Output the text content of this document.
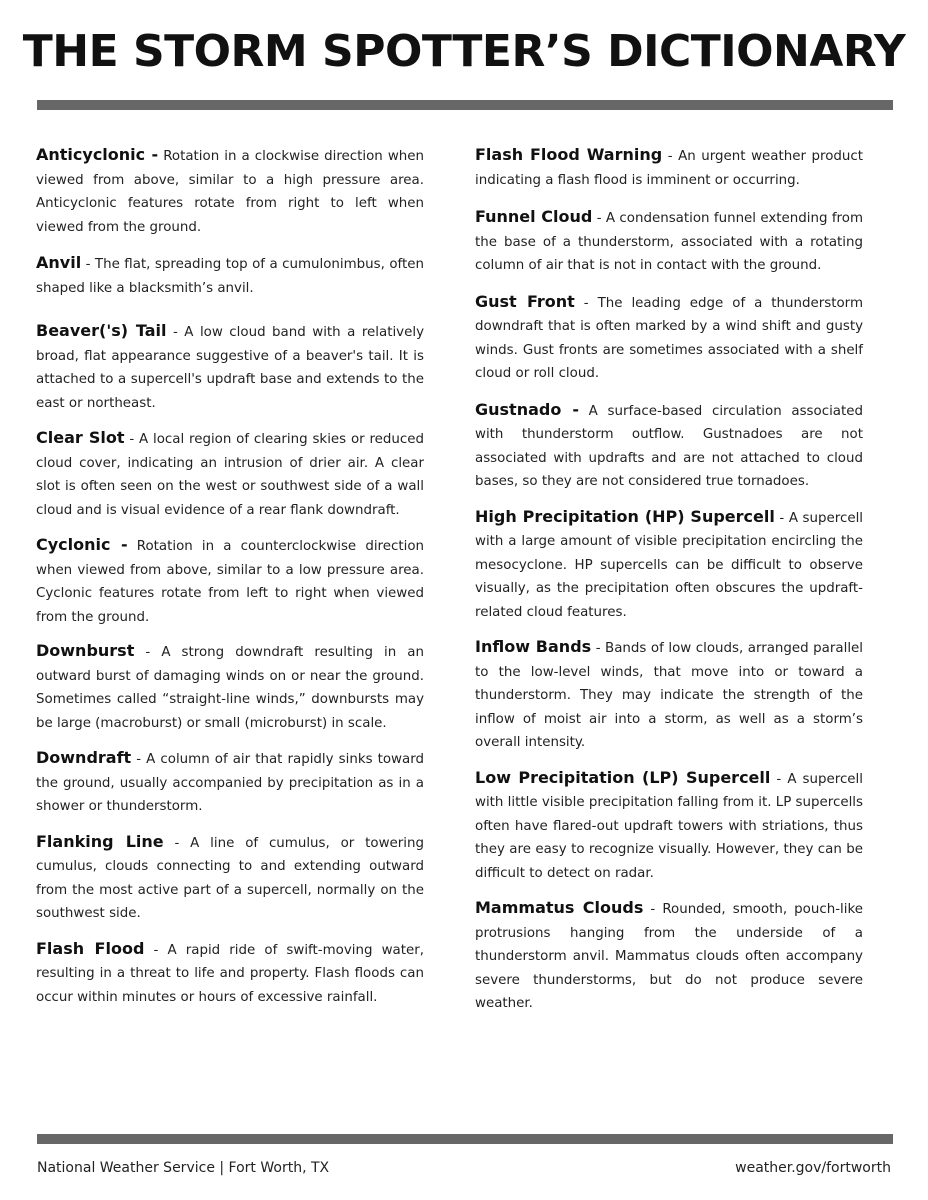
THE STORM SPOTTER’S DICTIONARY

Anticyclonic - Rotation in a clockwise direction when viewed from above, similar to a high pressure area. Anticyclonic features rotate from right to left when viewed from the ground.

Anvil - The flat, spreading top of a cumulonimbus, often shaped like a blacksmith’s anvil.

Beaver('s) Tail - A low cloud band with a relatively broad, flat appearance suggestive of a beaver's tail. It is attached to a supercell's updraft base and extends to the east or northeast.

Clear Slot - A local region of clearing skies or reduced cloud cover, indicating an intrusion of drier air. A clear slot is often seen on the west or southwest side of a wall cloud and is visual evidence of a rear flank downdraft.

Cyclonic - Rotation in a counterclockwise direction when viewed from above, similar to a low pressure area. Cyclonic features rotate from left to right when viewed from the ground.

Downburst - A strong downdraft resulting in an outward burst of damaging winds on or near the ground. Sometimes called “straight-line winds,” downbursts may be large (macroburst) or small (microburst) in scale.

Downdraft - A column of air that rapidly sinks toward the ground, usually accompanied by precipitation as in a shower or thunderstorm.

Flanking Line - A line of cumulus, or towering cumulus, clouds connecting to and extending outward from the most active part of a supercell, normally on the southwest side.

Flash Flood - A rapid ride of swift-moving water, resulting in a threat to life and property. Flash floods can occur within minutes or hours of excessive rainfall.

Flash Flood Warning - An urgent weather product indicating a flash flood is imminent or occurring.

Funnel Cloud - A condensation funnel extending from the base of a thunderstorm, associated with a rotating column of air that is not in contact with the ground.

Gust Front - The leading edge of a thunderstorm downdraft that is often marked by a wind shift and gusty winds. Gust fronts are sometimes associated with a shelf cloud or roll cloud.

Gustnado - A surface-based circulation associated with thunderstorm outflow. Gustnadoes are not associated with updrafts and are not attached to cloud bases, so they are not considered true tornadoes.

High Precipitation (HP) Supercell - A supercell with a large amount of visible precipitation encircling the mesocyclone. HP supercells can be difficult to observe visually, as the precipitation often obscures the updraft-related cloud features.

Inflow Bands - Bands of low clouds, arranged parallel to the low-level winds, that move into or toward a thunderstorm. They may indicate the strength of the inflow of moist air into a storm, as well as a storm’s overall intensity.

Low Precipitation (LP) Supercell - A supercell with little visible precipitation falling from it. LP supercells often have flared-out updraft towers with striations, thus they are easy to recognize visually. However, they can be difficult to detect on radar.

Mammatus Clouds - Rounded, smooth, pouch-like protrusions hanging from the underside of a thunderstorm anvil. Mammatus clouds often accompany severe thunderstorms, but do not produce severe weather.

National Weather Service | Fort Worth, TX	weather.gov/fortworth
